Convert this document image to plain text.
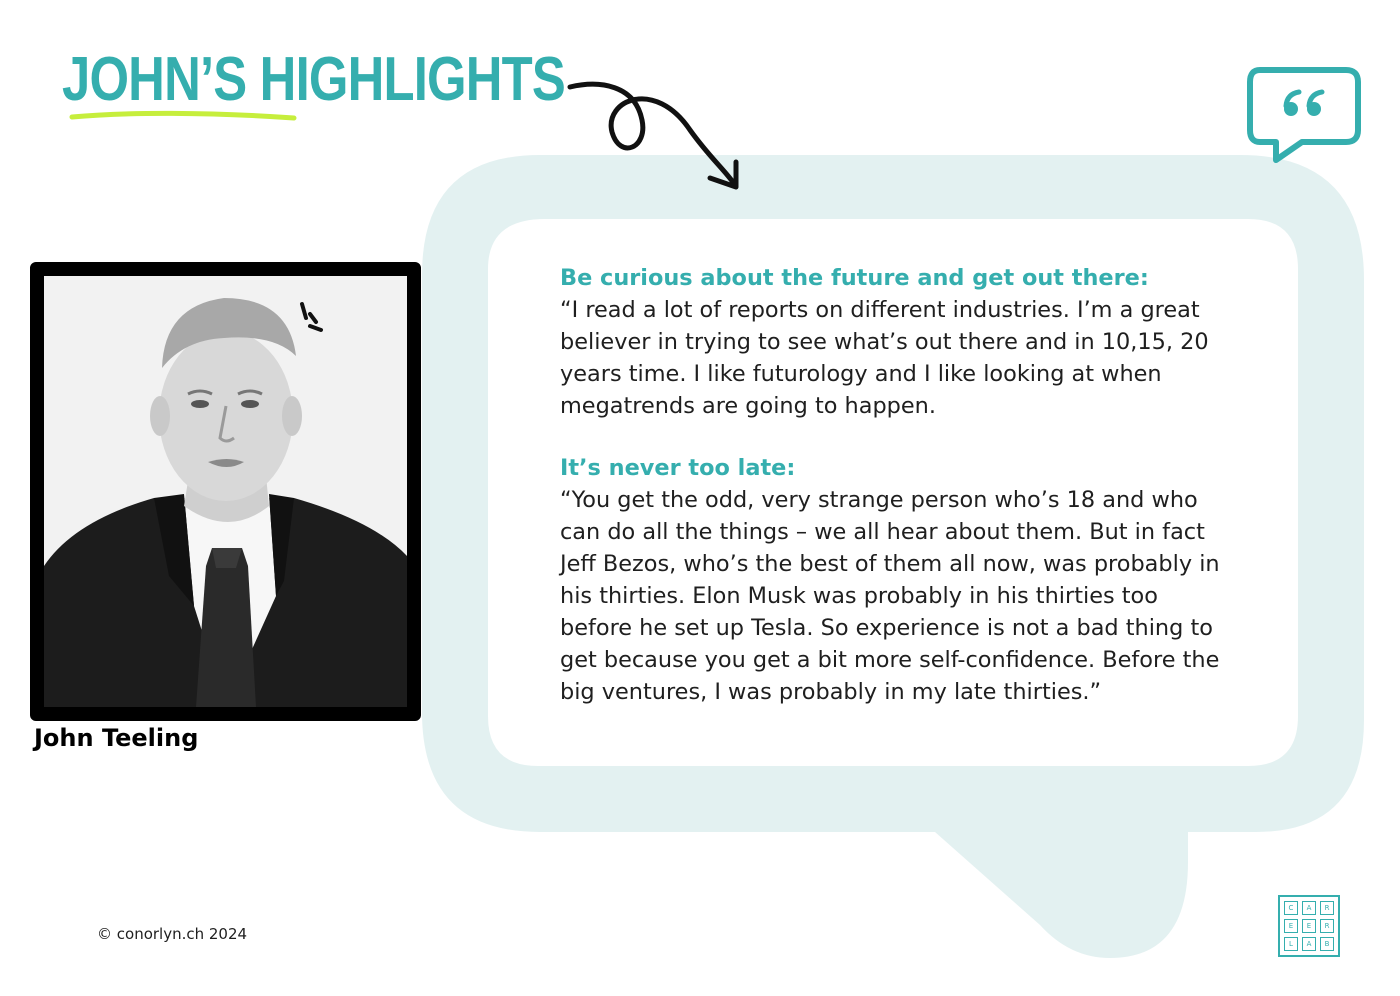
JOHN’S HIGHLIGHTS
John Teeling
Be curious about the future and get out there:
“I read a lot of reports on different industries. I’m a great
believer in trying to see what’s out there and in 10,15, 20
years time. I like futurology and I like looking at when
megatrends are going to happen.
It’s never too late:
“You get the odd, very strange person who’s 18 and who
can do all the things – we all hear about them. But in fact
Jeff Bezos, who’s the best of them all now, was probably in
his thirties. Elon Musk was probably in his thirties too
before he set up Tesla. So experience is not a bad thing to
get because you get a bit more self-confidence. Before the
big ventures, I was probably in my late thirties.”
© conorlyn.ch 2024
C	A	R
E	E	R
L	A	B
